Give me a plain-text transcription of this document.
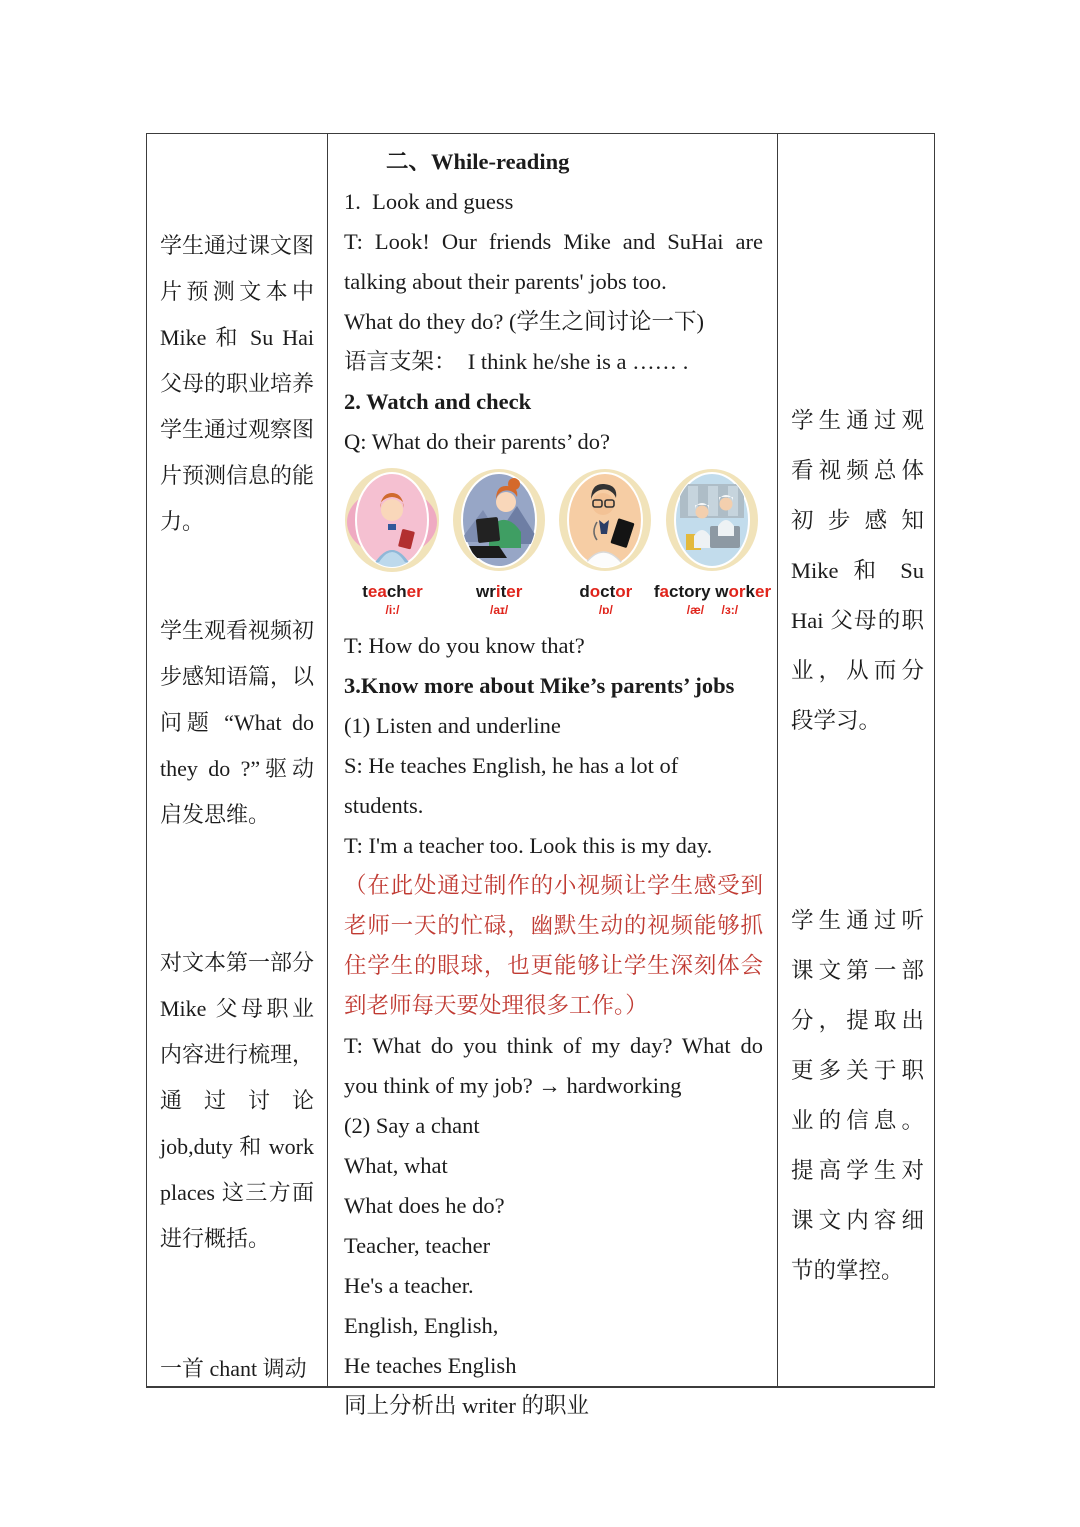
学生通过课文图片预测文本中 Mike 和 Su Hai 父母的职业培养学生通过观察图片预测信息的能力。
学生观看视频初步感知语篇，以问题 “What do they do ?”驱动启发思维。
对文本第一部分 Mike 父母职业内容进行梳理，通过讨论 job,duty 和 work places 这三方面进行概括。
一首 chant 调动
二、While-reading
1.  Look and guess
T: Look! Our friends Mike and SuHai are talking about their parents' jobs too.
What do they do? (学生之间讨论一下)
语言支架：  I think he/she is a …… .
2. Watch and check
Q: What do their parents’ do?
teacher
/i:/
writer
/aɪ/
doctor
/ɒ/
factory worker
/æ/ /ɜ:/
T: How do you know that?
3.Know more about Mike’s parents’ jobs
(1) Listen and underline
S: He teaches English, he has a lot of students.
T: I'm a teacher too. Look this is my day.
（在此处通过制作的小视频让学生感受到老师一天的忙碌，幽默生动的视频能够抓住学生的眼球，也更能够让学生深刻体会到老师每天要处理很多工作。）
T: What do you think of my day? What do you think of my job? → hardworking
(2) Say a chant
What, what
What does he do?
Teacher, teacher
He's a teacher.
English, English,
He teaches English
同上分析出 writer 的职业
学生通过观看视频总体初步感知 Mike 和 Su Hai 父母的职业，从而分段学习。
学生通过听课文第一部分，提取出更多关于职业的信息。提高学生对课文内容细节的掌控。
